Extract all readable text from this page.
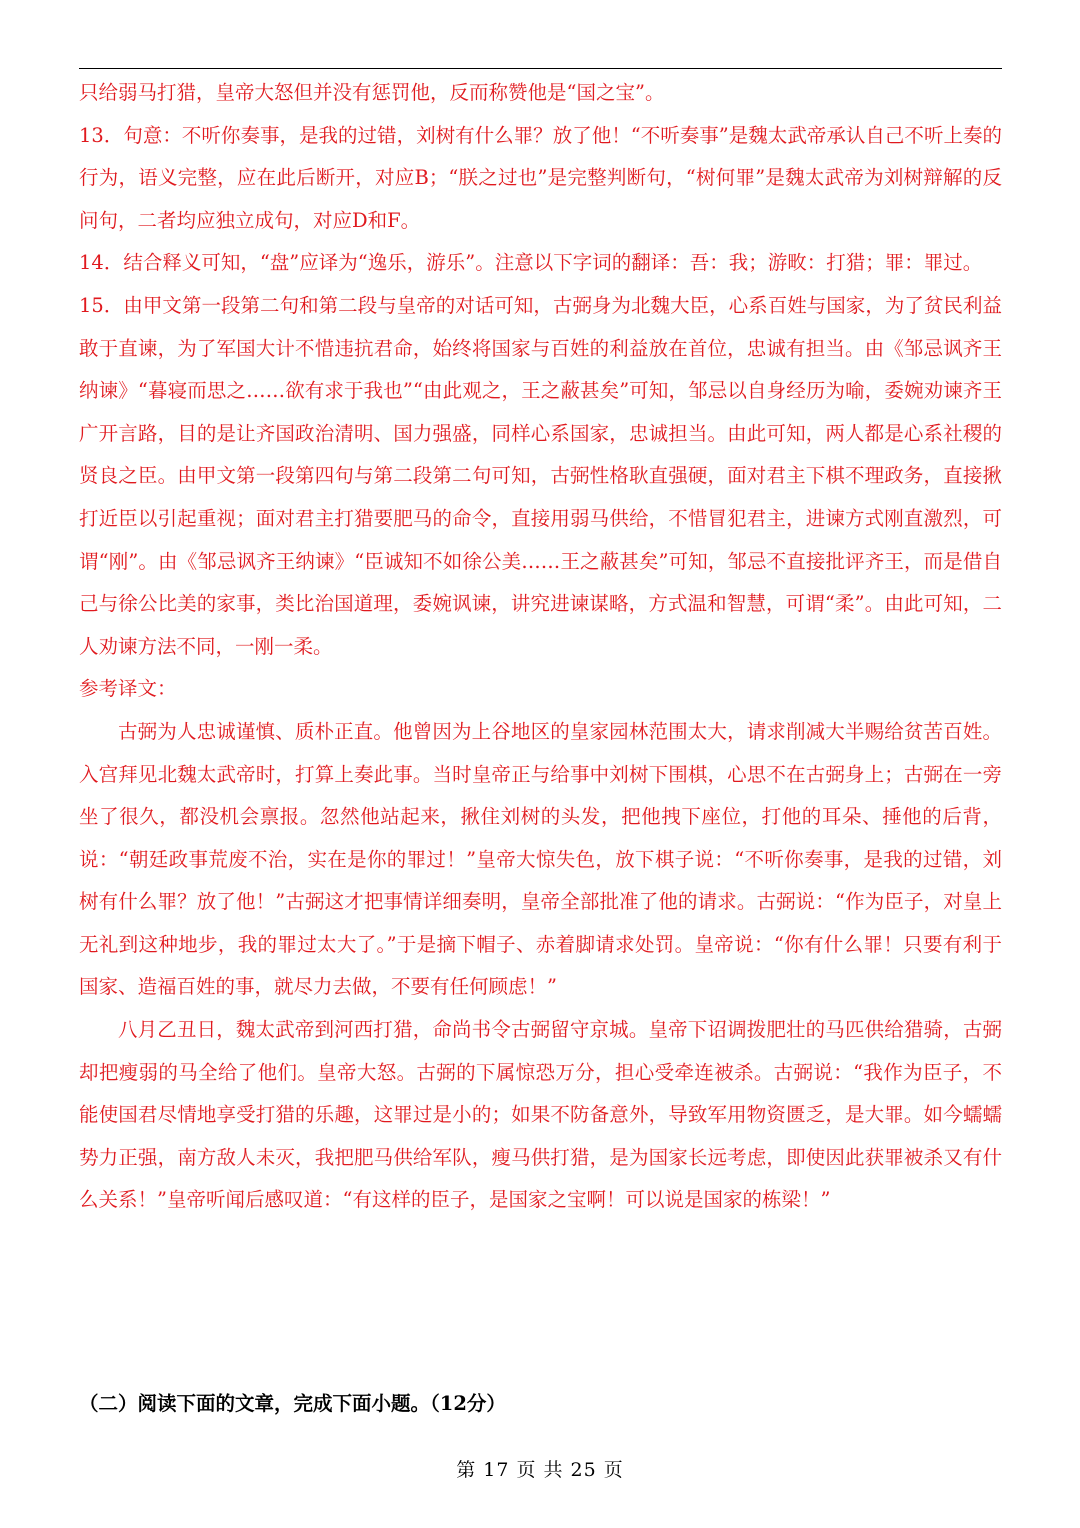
只给弱马打猎，皇帝大怒但并没有惩罚他，反而称赞他是“国之宝”。

13．句意：不听你奏事，是我的过错，刘树有什么罪？放了他！“不听奏事”是魏太武帝承认自己不听上奏的行为，语义完整，应在此后断开，对应B；“朕之过也”是完整判断句，“树何罪”是魏太武帝为刘树辩解的反问句，二者均应独立成句，对应D和F。

14．结合释义可知，“盘”应译为“逸乐，游乐”。注意以下字词的翻译：吾：我；游畋：打猎；罪：罪过。

15．由甲文第一段第二句和第二段与皇帝的对话可知，古弼身为北魏大臣，心系百姓与国家，为了贫民利益敢于直谏，为了军国大计不惜违抗君命，始终将国家与百姓的利益放在首位，忠诚有担当。由《邹忌讽齐王纳谏》“暮寝而思之……欲有求于我也”“由此观之，王之蔽甚矣”可知，邹忌以自身经历为喻，委婉劝谏齐王广开言路，目的是让齐国政治清明、国力强盛，同样心系国家，忠诚担当。由此可知，两人都是心系社稷的贤良之臣。由甲文第一段第四句与第二段第二句可知，古弼性格耿直强硬，面对君主下棋不理政务，直接揪打近臣以引起重视；面对君主打猎要肥马的命令，直接用弱马供给，不惜冒犯君主，进谏方式刚直激烈，可谓“刚”。由《邹忌讽齐王纳谏》“臣诚知不如徐公美……王之蔽甚矣”可知，邹忌不直接批评齐王，而是借自己与徐公比美的家事，类比治国道理，委婉讽谏，讲究进谏谋略，方式温和智慧，可谓“柔”。由此可知，二人劝谏方法不同，一刚一柔。

参考译文：

古弼为人忠诚谨慎、质朴正直。他曾因为上谷地区的皇家园林范围太大，请求削减大半赐给贫苦百姓。入宫拜见北魏太武帝时，打算上奏此事。当时皇帝正与给事中刘树下围棋，心思不在古弼身上；古弼在一旁坐了很久，都没机会禀报。忽然他站起来，揪住刘树的头发，把他拽下座位，打他的耳朵、捶他的后背，说：“朝廷政事荒废不治，实在是你的罪过！”皇帝大惊失色，放下棋子说：“不听你奏事，是我的过错，刘树有什么罪？放了他！”古弼这才把事情详细奏明，皇帝全部批准了他的请求。古弼说：“作为臣子，对皇上无礼到这种地步，我的罪过太大了。”于是摘下帽子、赤着脚请求处罚。皇帝说：“你有什么罪！只要有利于国家、造福百姓的事，就尽力去做，不要有任何顾虑！”

八月乙丑日，魏太武帝到河西打猎，命尚书令古弼留守京城。皇帝下诏调拨肥壮的马匹供给猎骑，古弼却把瘦弱的马全给了他们。皇帝大怒。古弼的下属惊恐万分，担心受牵连被杀。古弼说：“我作为臣子，不能使国君尽情地享受打猎的乐趣，这罪过是小的；如果不防备意外，导致军用物资匮乏，是大罪。如今蠕蠕势力正强，南方敌人未灭，我把肥马供给军队，瘦马供打猎，是为国家长远考虑，即使因此获罪被杀又有什么关系！”皇帝听闻后感叹道：“有这样的臣子，是国家之宝啊！可以说是国家的栋梁！”

（二）阅读下面的文章，完成下面小题。（12分）
第 17 页 共 25 页
